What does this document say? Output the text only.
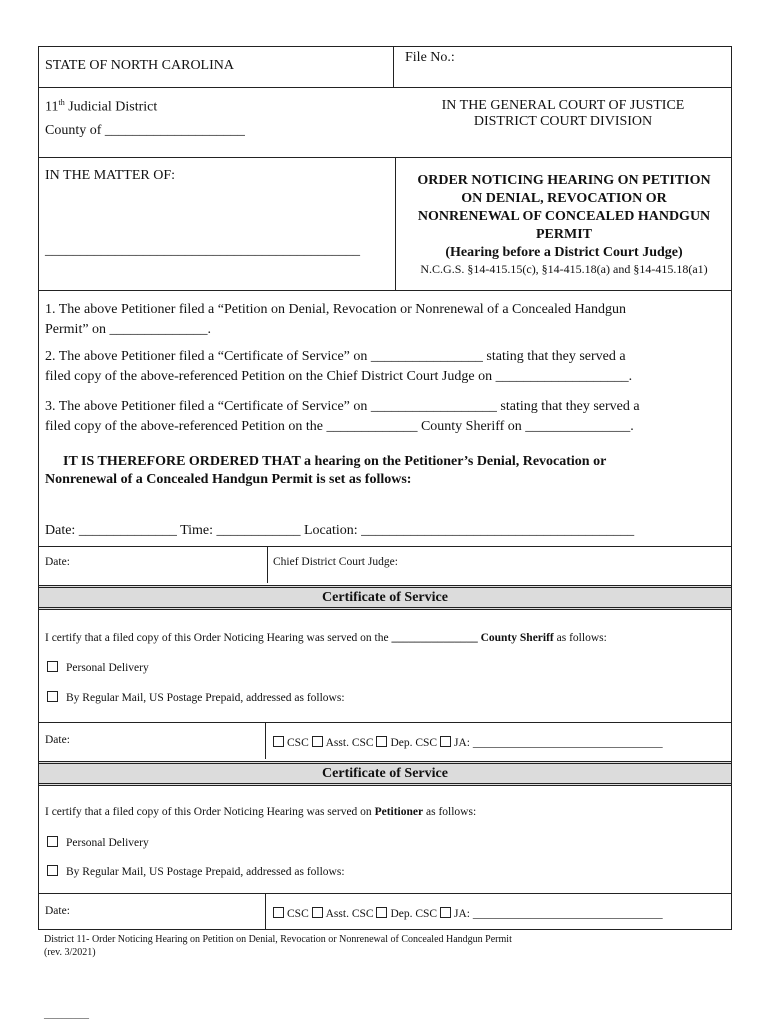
STATE OF NORTH CAROLINA
File No.:
11th Judicial District
County of ____________________
IN THE GENERAL COURT OF JUSTICE
DISTRICT COURT DIVISION
IN THE MATTER OF:
_____________________________________________
ORDER NOTICING HEARING ON PETITION
ON DENIAL, REVOCATION OR
NONRENEWAL OF CONCEALED HANDGUN
PERMIT
(Hearing before a District Court Judge)
N.C.G.S. §14-415.15(c), §14-415.18(a) and §14-415.18(a1)
1. The above Petitioner filed a “Petition on Denial, Revocation or Nonrenewal of a Concealed Handgun
Permit” on ______________.
2. The above Petitioner filed a “Certificate of Service” on ________________ stating that they served a
filed copy of the above-referenced Petition on the Chief District Court Judge on ___________________.
3. The above Petitioner filed a “Certificate of Service” on __________________ stating that they served a
filed copy of the above-referenced Petition on the _____________ County Sheriff on _______________.
IT IS THEREFORE ORDERED THAT a hearing on the Petitioner’s Denial, Revocation or
Nonrenewal of a Concealed Handgun Permit is set as follows:
Date: ______________ Time: ____________ Location: _______________________________________
Date:	Chief District Court Judge:
Certificate of Service
I certify that a filed copy of this Order Noticing Hearing was served on the _______________ County Sheriff as follows:
Personal Delivery
By Regular Mail, US Postage Prepaid, addressed as follows:
Date:	CSC Asst. CSC Dep. CSC JA: _________________________________
Certificate of Service
I certify that a filed copy of this Order Noticing Hearing was served on Petitioner as follows:
Personal Delivery
By Regular Mail, US Postage Prepaid, addressed as follows:
Date:	CSC Asst. CSC Dep. CSC JA: _________________________________
District 11- Order Noticing Hearing on Petition on Denial, Revocation or Nonrenewal of Concealed Handgun Permit
(rev. 3/2021)
__________
